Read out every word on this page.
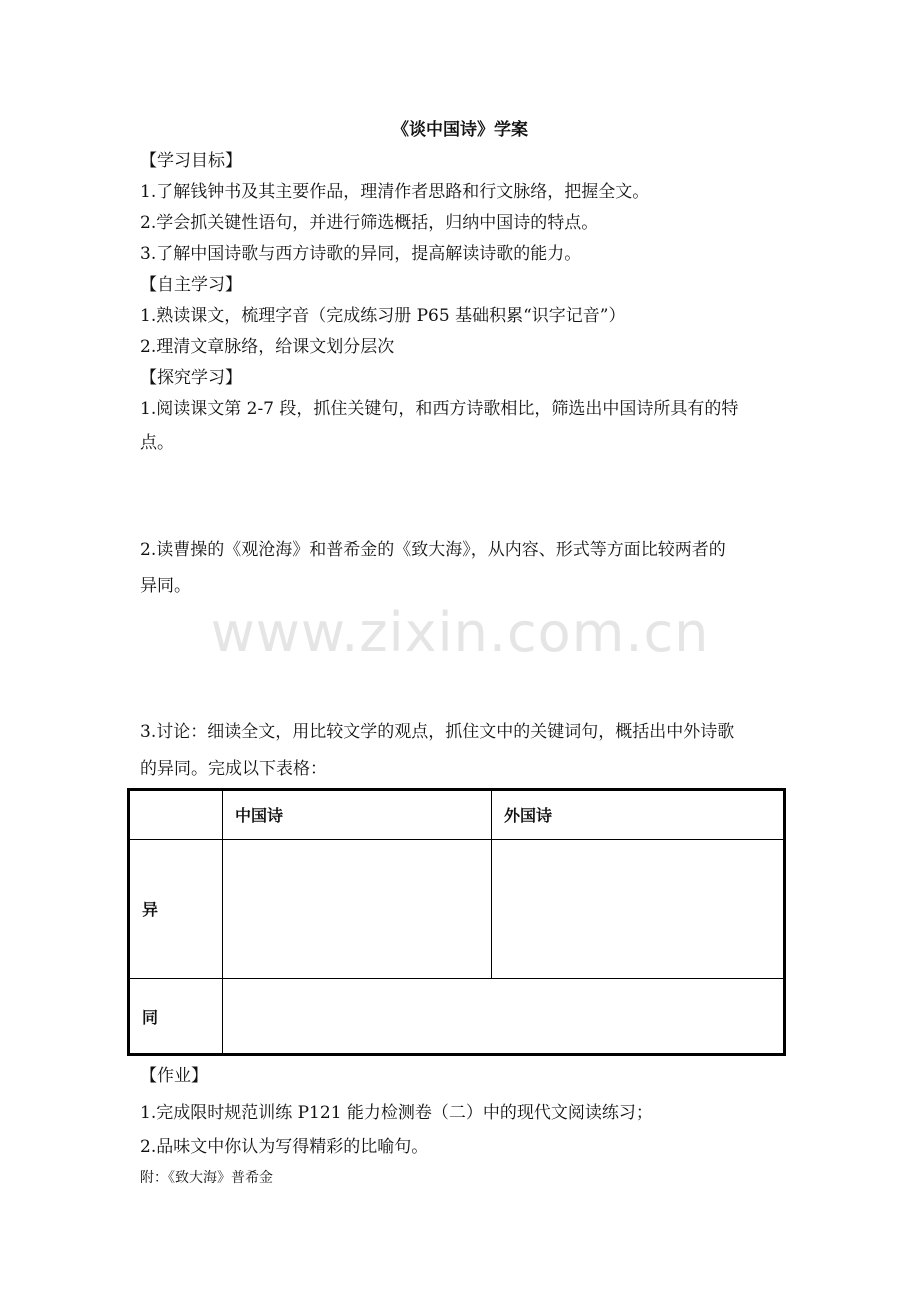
《谈中国诗》学案
【学习目标】
1.了解钱钟书及其主要作品，理清作者思路和行文脉络，把握全文。
2.学会抓关键性语句，并进行筛选概括，归纳中国诗的特点。
3.了解中国诗歌与西方诗歌的异同，提高解读诗歌的能力。
【自主学习】
1.熟读课文，梳理字音（完成练习册 P65 基础积累“识字记音”）
2.理清文章脉络，给课文划分层次
【探究学习】
1.阅读课文第 2-7 段，抓住关键句，和西方诗歌相比，筛选出中国诗所具有的特
点。
2.读曹操的《观沧海》和普希金的《致大海》，从内容、形式等方面比较两者的
异同。
www.zixin.com.cn
3.讨论：细读全文，用比较文学的观点，抓住文中的关键词句，概括出中外诗歌
的异同。完成以下表格：
	中国诗	外国诗
异		
同		
【作业】
1.完成限时规范训练 P121 能力检测卷（二）中的现代文阅读练习；
2.品味文中你认为写得精彩的比喻句。
附：《致大海》普希金
